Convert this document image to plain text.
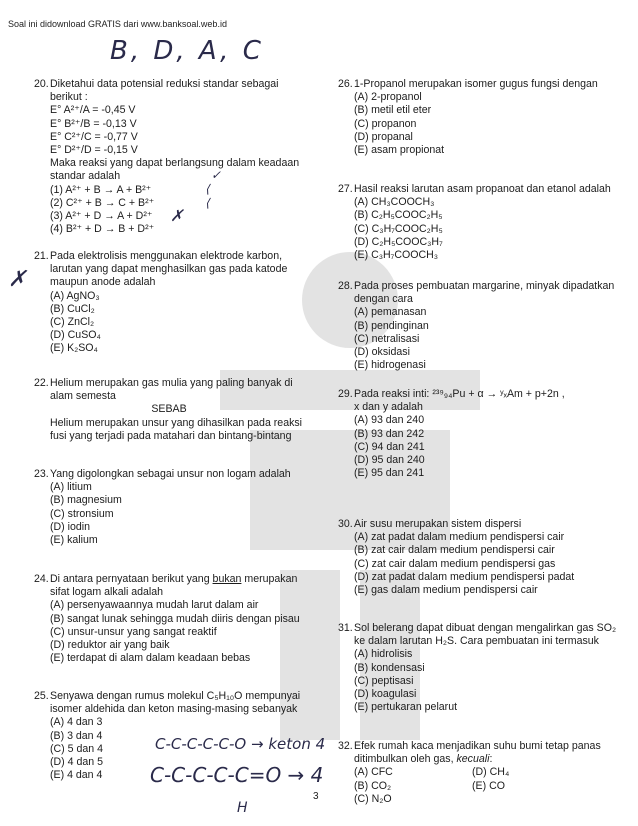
Soal ini didownload GRATIS dari www.banksoal.web.id
B, D, A, C
20. Diketahui data potensial reduksi standar sebagai berikut :
E° A²⁺/A = -0,45 V
E° B²⁺/B = -0,13 V
E° C²⁺/C = -0,77 V
E° D²⁺/D = -0,15 V
Maka reaksi yang dapat berlangsung dalam keadaan standar adalah
(1) A²⁺ + B → A + B²⁺
(2) C²⁺ + B → C + B²⁺
(3) A²⁺ + D → A + D²⁺
(4) B²⁺ + D → B + D²⁺
✓
⟨
⟨
✗
21. Pada elektrolisis menggunakan elektrode karbon, larutan yang dapat menghasilkan gas pada katode maupun anode adalah
(A) AgNO₃
(B) CuCl₂
(C) ZnCl₂
(D) CuSO₄
(E) K₂SO₄
✗
22. Helium merupakan gas mulia yang paling banyak di alam semesta
SEBAB
Helium merupakan unsur yang dihasilkan pada reaksi fusi yang terjadi pada matahari dan bintang-bintang
23. Yang digolongkan sebagai unsur non logam adalah
(A) litium
(B) magnesium
(C) stronsium
(D) iodin
(E) kalium
24. Di antara pernyataan berikut yang bukan merupakan sifat logam alkali adalah
(A) persenyawaannya mudah larut dalam air
(B) sangat lunak sehingga mudah diiris dengan pisau
(C) unsur-unsur yang sangat reaktif
(D) reduktor air yang baik
(E) terdapat di alam dalam keadaan bebas
25. Senyawa dengan rumus molekul C₅H₁₀O mempunyai isomer aldehida dan keton masing-masing sebanyak
(A) 4 dan 3
(B) 3 dan 4
(C) 5 dan 4
(D) 4 dan 5
(E) 4 dan 4
C-C-C-C-C-O → keton 4
C-C-C-C-C=O → 4
H
26. 1-Propanol merupakan isomer gugus fungsi dengan
(A) 2-propanol
(B) metil etil eter
(C) propanon
(D) propanal
(E) asam propionat
27. Hasil reaksi larutan asam propanoat dan etanol adalah
(A) CH₃COOCH₃
(B) C₂H₅COOC₂H₅
(C) C₃H₇COOC₂H₅
(D) C₂H₅COOC₃H₇
(E) C₃H₇COOCH₃
28. Pada proses pembuatan margarine, minyak dipadatkan dengan cara
(A) pemanasan
(B) pendinginan
(C) netralisasi
(D) oksidasi
(E) hidrogenasi
29. Pada reaksi inti: ²³⁹₉₄Pu + α → ʸₓAm + p+2n ,
x dan y adalah
(A) 93 dan 240
(B) 93 dan 242
(C) 94 dan 241
(D) 95 dan 240
(E) 95 dan 241
30. Air susu merupakan sistem dispersi
(A) zat padat dalam medium pendispersi cair
(B) zat cair dalam medium pendispersi cair
(C) zat cair dalam medium pendispersi gas
(D) zat padat dalam medium pendispersi padat
(E) gas dalam medium pendispersi cair
31. Sol belerang dapat dibuat dengan mengalirkan gas SO₂ ke dalam larutan H₂S. Cara pembuatan ini termasuk
(A) hidrolisis
(B) kondensasi
(C) peptisasi
(D) koagulasi
(E) pertukaran pelarut
32. Efek rumah kaca menjadikan suhu bumi tetap panas ditimbulkan oleh gas, kecuali:
(A) CFC	(D) CH₄
(B) CO₂	(E) CO
(C) N₂O
3
